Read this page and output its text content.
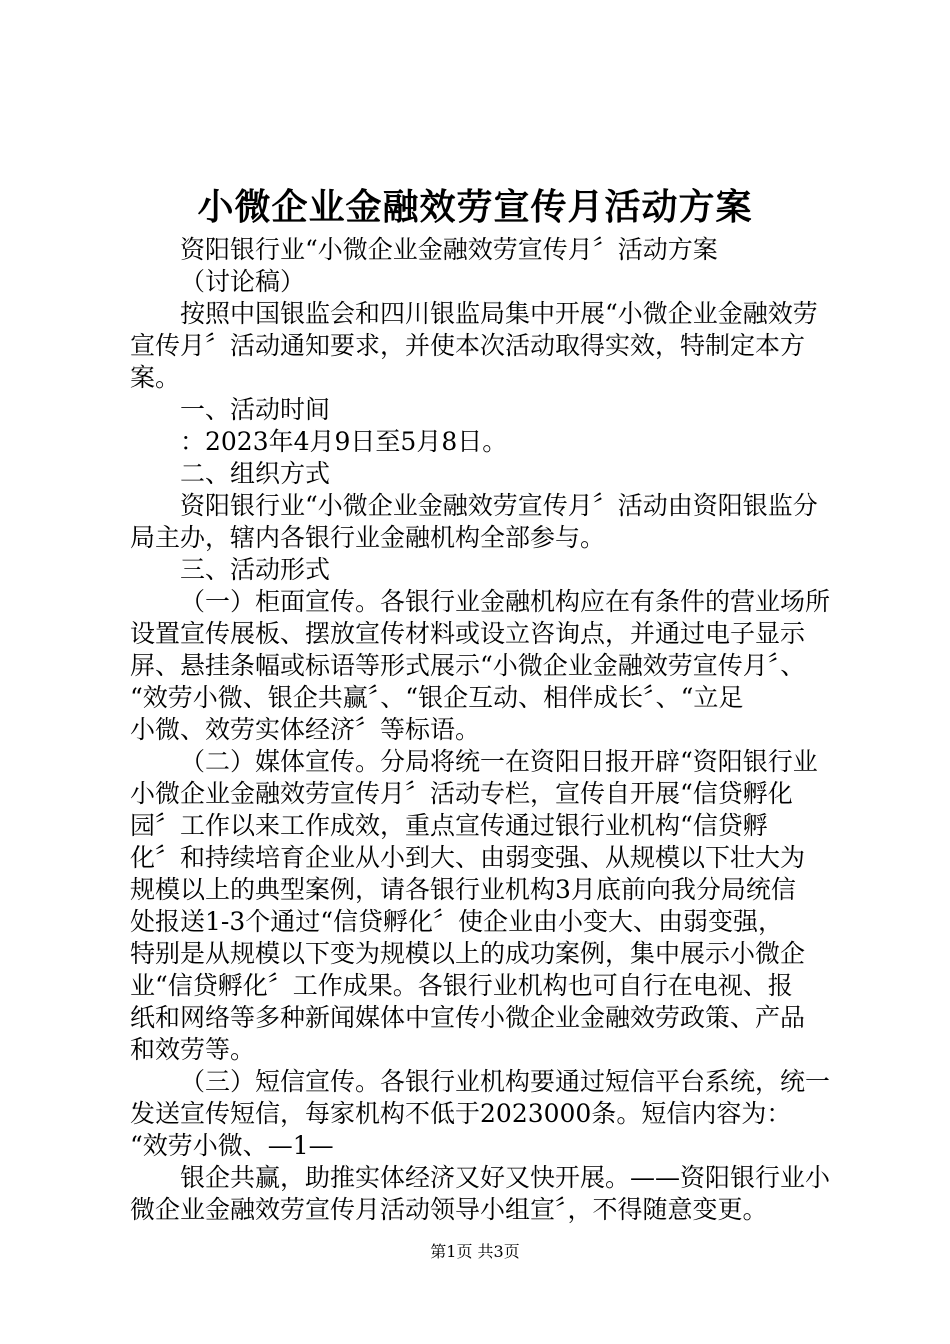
小微企业金融效劳宣传月活动方案

资阳银行业“小微企业金融效劳宣传月〞活动方案

（讨论稿）

按照中国银监会和四川银监局集中开展“小微企业金融效劳

宣传月〞活动通知要求，并使本次活动取得实效，特制定本方

案。

一、活动时间

：2023年4月9日至5月8日。

二、组织方式

资阳银行业“小微企业金融效劳宣传月〞活动由资阳银监分

局主办，辖内各银行业金融机构全部参与。

三、活动形式

（一）柜面宣传。各银行业金融机构应在有条件的营业场所

设置宣传展板、摆放宣传材料或设立咨询点，并通过电子显示

屏、悬挂条幅或标语等形式展示“小微企业金融效劳宣传月〞、

“效劳小微、银企共赢〞、“银企互动、相伴成长〞、“立足

小微、效劳实体经济〞等标语。

（二）媒体宣传。分局将统一在资阳日报开辟“资阳银行业

小微企业金融效劳宣传月〞活动专栏，宣传自开展“信贷孵化

园〞工作以来工作成效，重点宣传通过银行业机构“信贷孵

化〞和持续培育企业从小到大、由弱变强、从规模以下壮大为

规模以上的典型案例，请各银行业机构3月底前向我分局统信

处报送1-3个通过“信贷孵化〞使企业由小变大、由弱变强，

特别是从规模以下变为规模以上的成功案例，集中展示小微企

业“信贷孵化〞工作成果。各银行业机构也可自行在电视、报

纸和网络等多种新闻媒体中宣传小微企业金融效劳政策、产品

和效劳等。

（三）短信宣传。各银行业机构要通过短信平台系统，统一

发送宣传短信，每家机构不低于2023000条。短信内容为：

“效劳小微、—1—

银企共赢，助推实体经济又好又快开展。——资阳银行业小

微企业金融效劳宣传月活动领导小组宣〞，不得随意变更。

第1页 共3页
